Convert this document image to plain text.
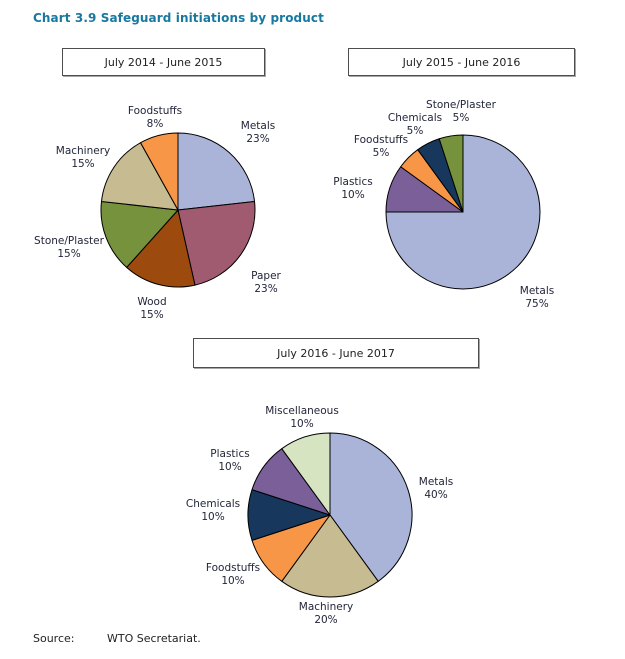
Chart 3.9 Safeguard initiations by product
July 2014 - June 2015	July 2015 - June 2016
July 2016 - June 2017
Metals
23%
Paper
23%
Wood
15%
Stone/Plaster
15%
Machinery
15%
Foodstuffs
8%
Metals
75%
Plastics
10%
Foodstuffs
5%
Chemicals
5%
Stone/Plaster
5%
Metals
40%
Machinery
20%
Foodstuffs
10%
Chemicals
10%
Plastics
10%
Miscellaneous
10%
Source:	WTO Secretariat.
